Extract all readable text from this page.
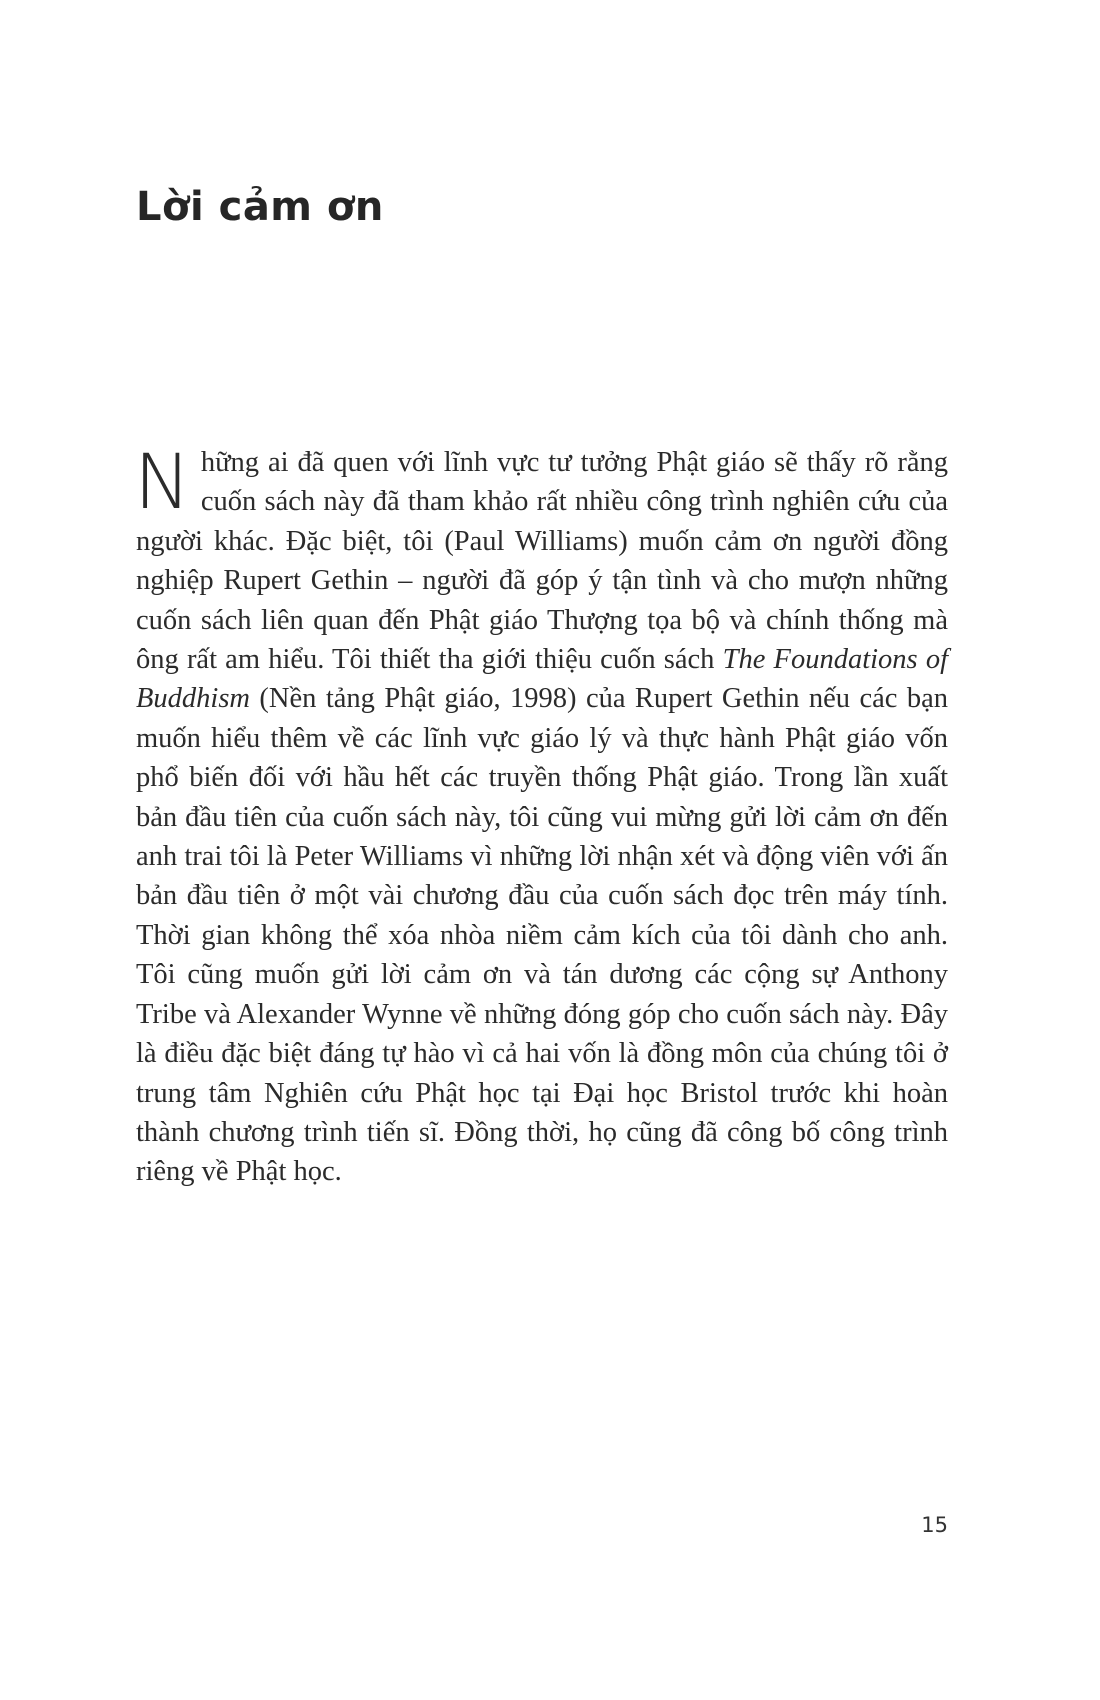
Lời cảm ơn

Những ai đã quen với lĩnh vực tư tưởng Phật giáo sẽ thấy rõ rằng cuốn sách này đã tham khảo rất nhiều công trình nghiên cứu của người khác. Đặc biệt, tôi (Paul Williams) muốn cảm ơn người đồng nghiệp Rupert Gethin – người đã góp ý tận tình và cho mượn những cuốn sách liên quan đến Phật giáo Thượng tọa bộ và chính thống mà ông rất am hiểu. Tôi thiết tha giới thiệu cuốn sách The Foundations of Buddhism (Nền tảng Phật giáo, 1998) của Rupert Gethin nếu các bạn muốn hiểu thêm về các lĩnh vực giáo lý và thực hành Phật giáo vốn phổ biến đối với hầu hết các truyền thống Phật giáo. Trong lần xuất bản đầu tiên của cuốn sách này, tôi cũng vui mừng gửi lời cảm ơn đến anh trai tôi là Peter Williams vì những lời nhận xét và động viên với ấn bản đầu tiên ở một vài chương đầu của cuốn sách đọc trên máy tính. Thời gian không thể xóa nhòa niềm cảm kích của tôi dành cho anh. Tôi cũng muốn gửi lời cảm ơn và tán dương các cộng sự Anthony Tribe và Alexander Wynne về những đóng góp cho cuốn sách này. Đây là điều đặc biệt đáng tự hào vì cả hai vốn là đồng môn của chúng tôi ở trung tâm Nghiên cứu Phật học tại Đại học Bristol trước khi hoàn thành chương trình tiến sĩ. Đồng thời, họ cũng đã công bố công trình riêng về Phật học.

15
